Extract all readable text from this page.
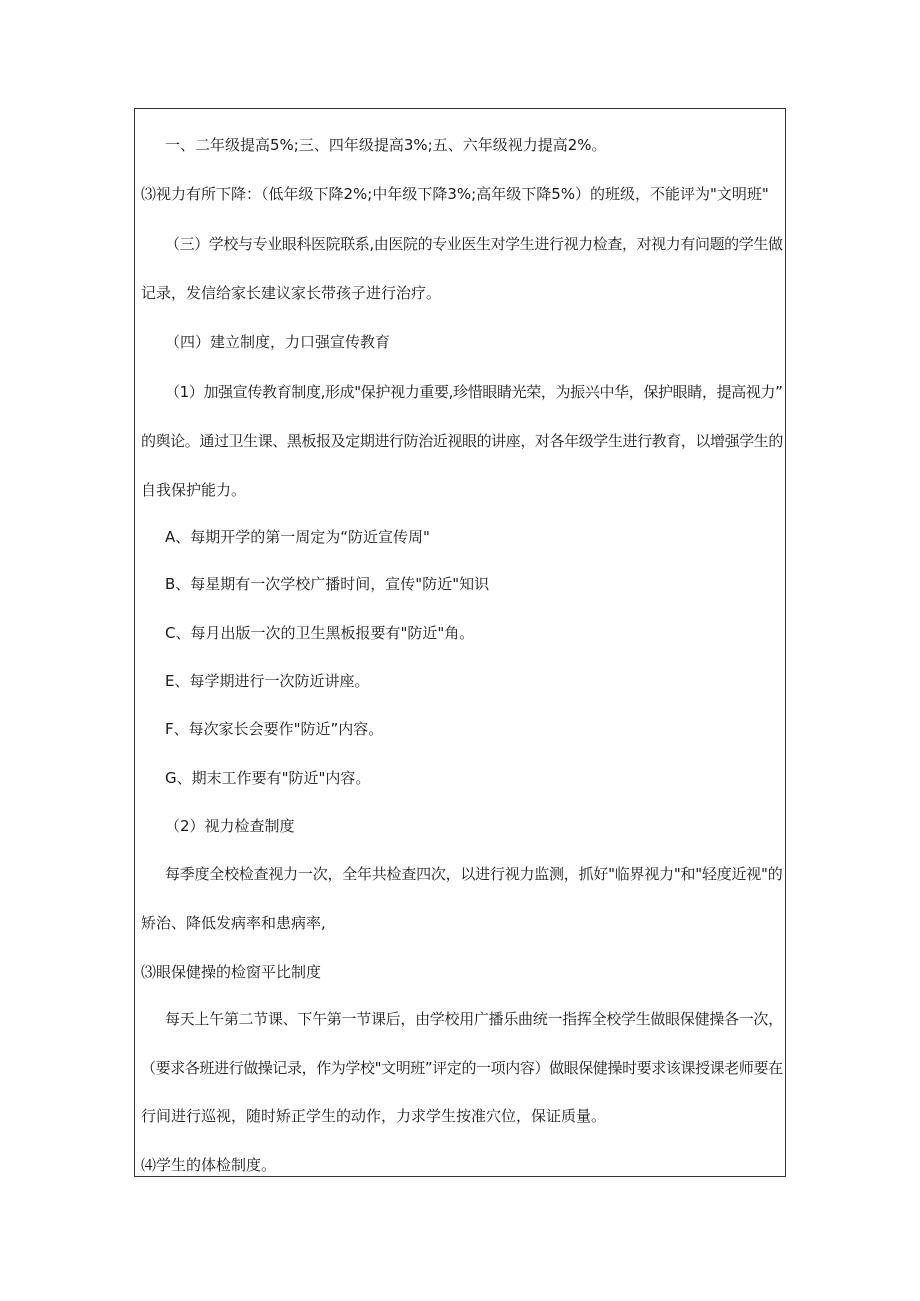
一、二年级提高5%;三、四年级提高3%;五、六年级视力提高2%。
⑶视力有所下降：（低年级下降2%;中年级下降3%;高年级下降5%）的班级，不能评为"文明班"
（三）学校与专业眼科医院联系,由医院的专业医生对学生进行视力检查，对视力有问题的学生做
记录，发信给家长建议家长带孩子进行治疗。
（四）建立制度，力口强宣传教育
（1）加强宣传教育制度,形成"保护视力重要,珍惜眼睛光荣，为振兴中华，保护眼睛，提高视力”
的舆论。通过卫生课、黑板报及定期进行防治近视眼的讲座，对各年级学生进行教育，以增强学生的
自我保护能力。
A、每期开学的第一周定为“防近宣传周"
B、每星期有一次学校广播时间，宣传"防近"知识
C、每月出版一次的卫生黑板报要有"防近"角。
E、每学期进行一次防近讲座。
F、每次家长会要作"防近”内容。
G、期末工作要有"防近"内容。
（2）视力检查制度
每季度全校检查视力一次，全年共检查四次，以进行视力监测，抓好"临界视力"和"轻度近视"的
矫治、降低发病率和患病率,
⑶眼保健操的检窗平比制度
每天上午第二节课、下午第一节课后，由学校用广播乐曲统一指挥全校学生做眼保健操各一次，
（要求各班进行做操记录，作为学校"文明班”评定的一项内容）做眼保健操时要求该课授课老师要在
行间进行巡视，随时矫正学生的动作，力求学生按准穴位，保证质量。
⑷学生的体检制度。
